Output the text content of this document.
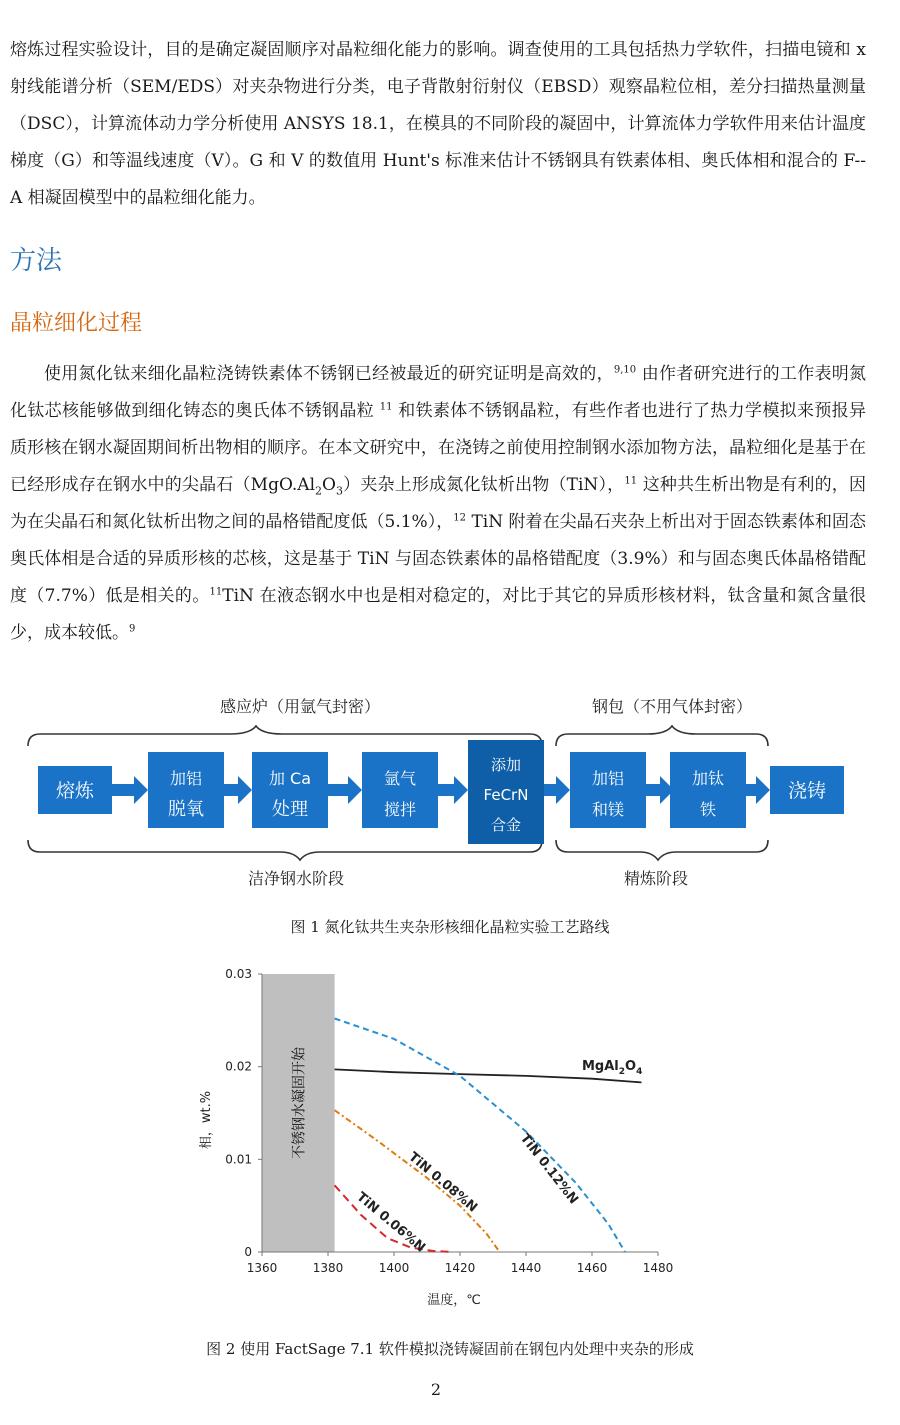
熔炼过程实验设计，目的是确定凝固顺序对晶粒细化能力的影响。调查使用的工具包括热力学软件，扫描电镜和 x 射线能谱分析（SEM/EDS）对夹杂物进行分类，电子背散射衍射仪（EBSD）观察晶粒位相，差分扫描热量测量（DSC），计算流体动力学分析使用 ANSYS 18.1，在模具的不同阶段的凝固中，计算流体力学软件用来估计温度梯度（G）和等温线速度（V）。G 和 V 的数值用 Hunt's 标准来估计不锈钢具有铁素体相、奥氏体相和混合的 F--A 相凝固模型中的晶粒细化能力。

方法
晶粒细化过程

使用氮化钛来细化晶粒浇铸铁素体不锈钢已经被最近的研究证明是高效的，$^{9,10}$ 由作者研究进行的工作表明氮化钛芯核能够做到细化铸态的奥氏体不锈钢晶粒 $^{11}$ 和铁素体不锈钢晶粒，有些作者也进行了热力学模拟来预报异质形核在钢水凝固期间析出物相的顺序。在本文研究中，在浇铸之前使用控制钢水添加物方法，晶粒细化是基于在已经形成存在钢水中的尖晶石$(MgO.Al_2O_3)$夹杂上形成氮化钛析出物（TiN），$^{11}$ 这种共生析出物是有利的，因为在尖晶石和氮化钛析出物之间的晶格错配度低（5.1%），$^{12}$ TiN 附着在尖晶石夹杂上析出对于固态铁素体和固态奥氏体相是合适的异质形核的芯核，这是基于 TiN 与固态铁素体的晶格错配度（3.9%）和与固态奥氏体晶格错配度（7.7%）低是相关的。$^{11}$TiN 在液态钢水中也是相对稳定的，对比于其它的异质形核材料，钛含量和氮含量很少，成本较低。$^9$

感应炉（用氩气封密）	钢包（不用气体封密）
洁净钢水阶段	精炼阶段
熔炼
加铝
脱氧
加 Ca
处理
氩气
搅拌
添加
FeCrN
合金
加铝
和镁
加钛
铁
浇铸
图 1 氮化钛共生夹杂形核细化晶粒实验工艺路线
不锈钢水凝固开始
1360	1380	1400	1420	1440	1460	1480
0
0.01
0.02
0.03
$MgAl_2O_4$
TiN 0.12%N
TiN 0.08%N
TiN 0.06%N
温度，℃
相，wt.%
图 2 使用 FactSage 7.1 软件模拟浇铸凝固前在钢包内处理中夹杂的形成
2
